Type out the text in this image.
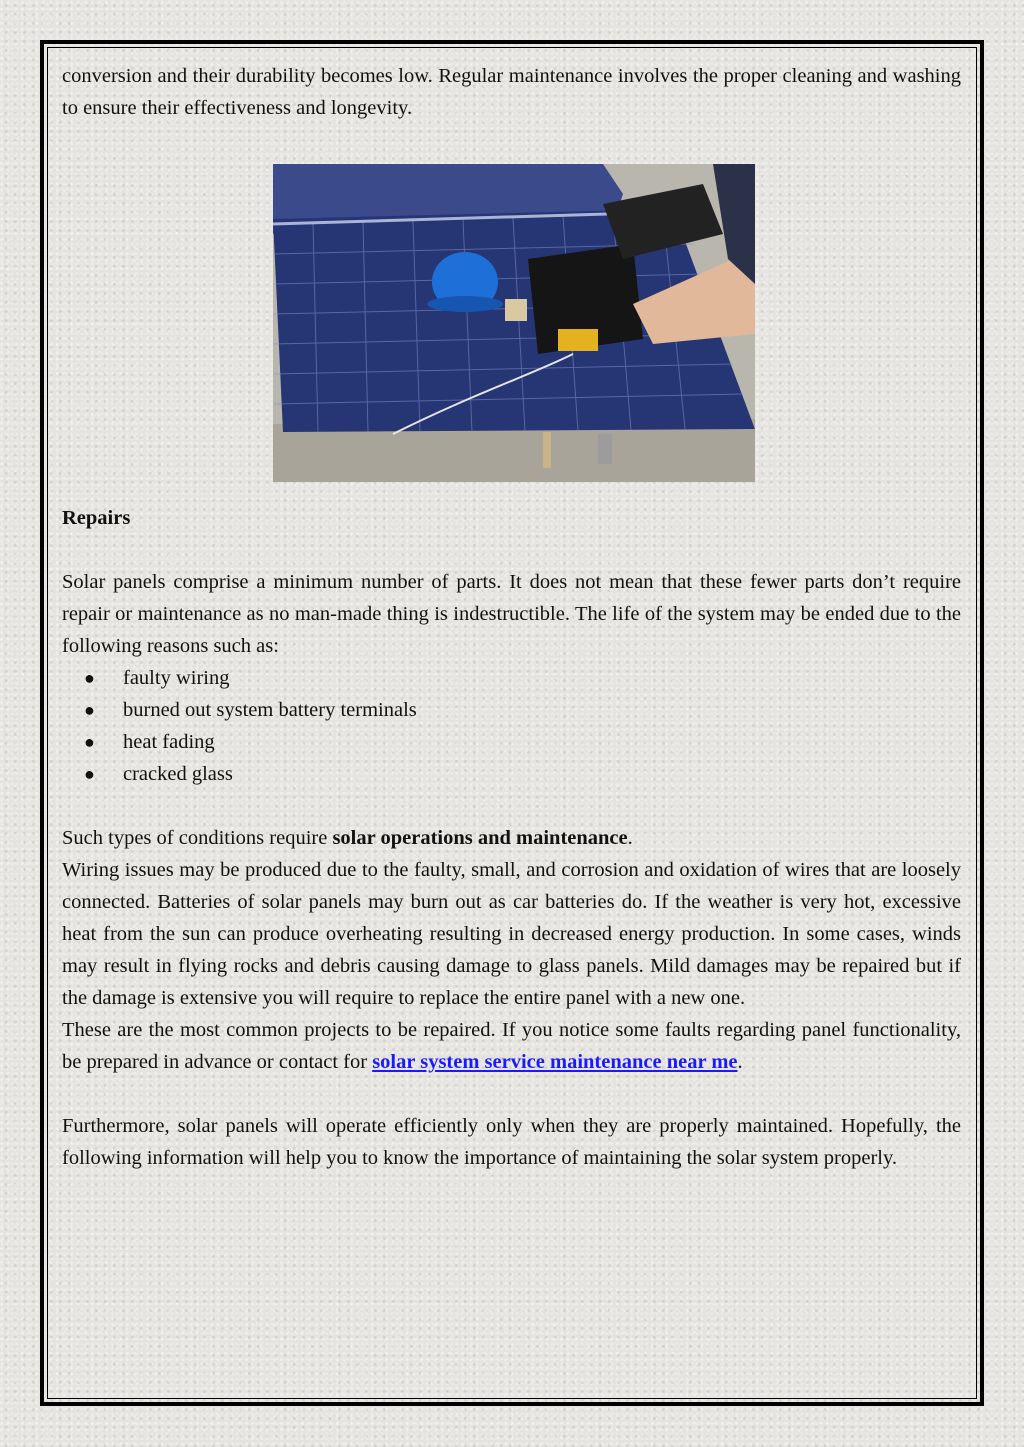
conversion and their durability becomes low. Regular maintenance involves the proper cleaning and washing to ensure their effectiveness and longevity.

Repairs

Solar panels comprise a minimum number of parts. It does not mean that these fewer parts don’t require repair or maintenance as no man-made thing is indestructible. The life of the system may be ended due to the following reasons such as:

● faulty wiring
● burned out system battery terminals
● heat fading
● cracked glass

Such types of conditions require solar operations and maintenance.

Wiring issues may be produced due to the faulty, small, and corrosion and oxidation of wires that are loosely connected. Batteries of solar panels may burn out as car batteries do. If the weather is very hot, excessive heat from the sun can produce overheating resulting in decreased energy production. In some cases, winds may result in flying rocks and debris causing damage to glass panels. Mild damages may be repaired but if the damage is extensive you will require to replace the entire panel with a new one.

These are the most common projects to be repaired. If you notice some faults regarding panel functionality, be prepared in advance or contact for solar system service maintenance near me.

Furthermore, solar panels will operate efficiently only when they are properly maintained. Hopefully, the following information will help you to know the importance of maintaining the solar system properly.
